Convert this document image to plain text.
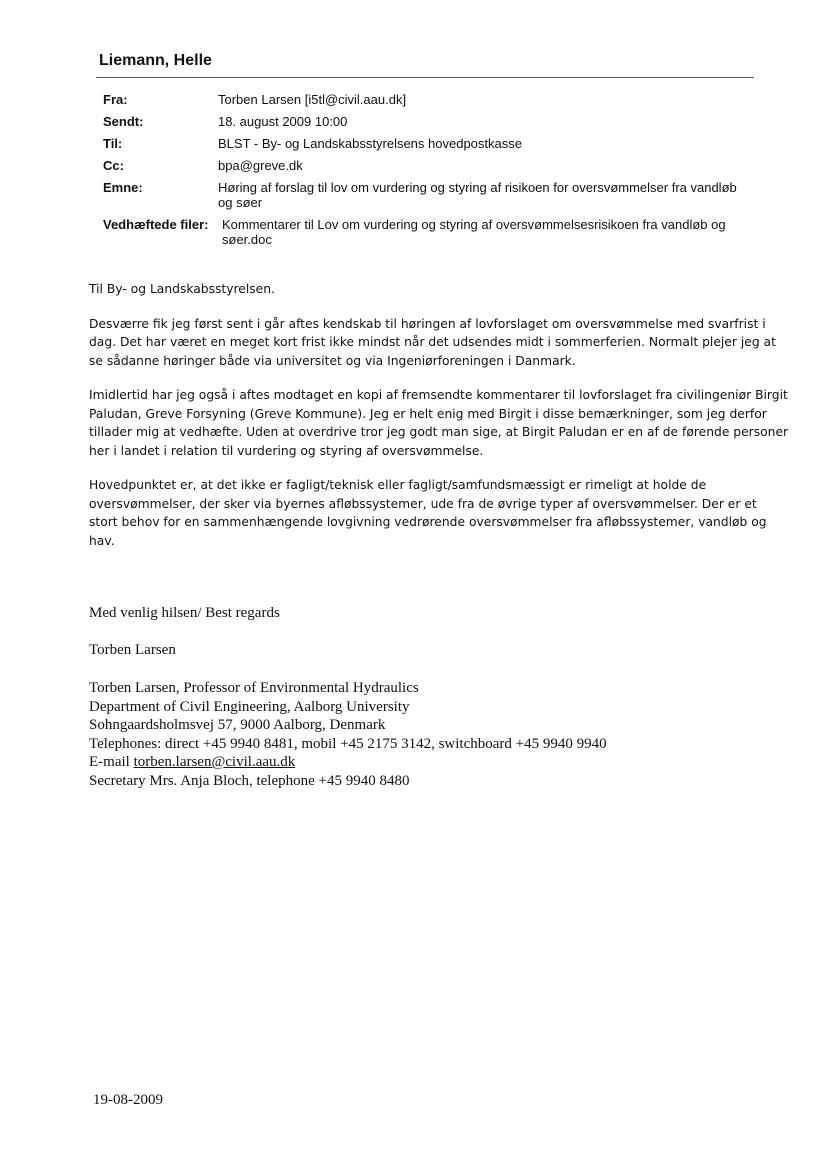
Liemann, Helle
Fra:	Torben Larsen [i5tl@civil.aau.dk]
Sendt:	18. august 2009 10:00
Til:	BLST - By- og Landskabsstyrelsens hovedpostkasse
Cc:	bpa@greve.dk
Emne:	Høring af forslag til lov om vurdering og styring af risikoen for oversvømmelser fra vandløb og søer
Vedhæftede filer:	Kommentarer til Lov om vurdering og styring af oversvømmelsesrisikoen fra vandløb og søer.doc

Til By- og Landskabsstyrelsen.

Desværre fik jeg først sent i går aftes kendskab til høringen af lovforslaget om oversvømmelse med svarfrist i dag. Det har været en meget kort frist ikke mindst når det udsendes midt i sommerferien. Normalt plejer jeg at se sådanne høringer både via universitet og via Ingeniørforeningen i Danmark.

Imidlertid har jeg også i aftes modtaget en kopi af fremsendte kommentarer til lovforslaget fra civilingeniør Birgit Paludan, Greve Forsyning (Greve Kommune). Jeg er helt enig med Birgit i disse bemærkninger, som jeg derfor tillader mig at vedhæfte. Uden at overdrive tror jeg godt man sige, at Birgit Paludan er en af de førende personer her i landet i relation til vurdering og styring af oversvømmelse.

Hovedpunktet er, at det ikke er fagligt/teknisk eller fagligt/samfundsmæssigt er rimeligt at holde de oversvømmelser, der sker via byernes afløbssystemer, ude fra de øvrige typer af oversvømmelser. Der er et stort behov for en sammenhængende lovgivning vedrørende oversvømmelser fra afløbssystemer, vandløb og hav.

Med venlig hilsen/ Best regards
Torben Larsen
Torben Larsen, Professor of Environmental Hydraulics
Department of Civil Engineering, Aalborg University
Sohngaardsholmsvej 57, 9000 Aalborg, Denmark
Telephones: direct +45 9940 8481, mobil +45 2175 3142, switchboard +45 9940 9940
E-mail torben.larsen@civil.aau.dk
Secretary Mrs. Anja Bloch, telephone +45 9940 8480
19-08-2009
